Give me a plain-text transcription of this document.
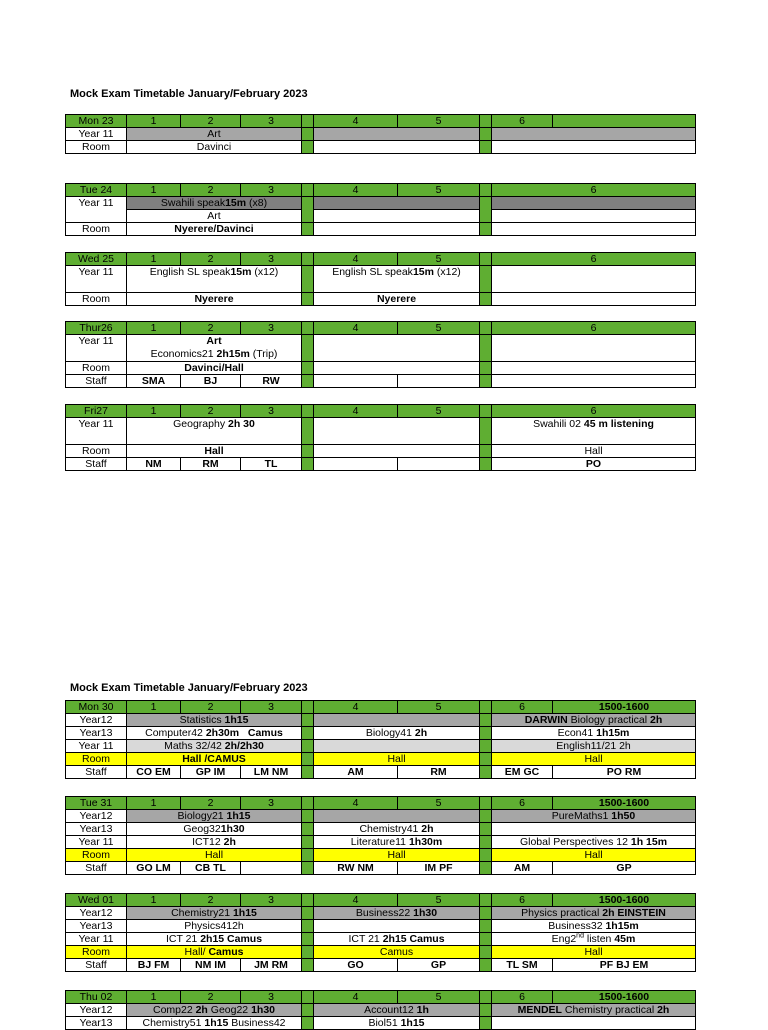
Mock Exam Timetable January/February 2023
Mon 23	1	2	3		4	5		6	
Year 11	Art								
Room	Davinci								
Tue 24	1	2	3		4	5		6
Year 11	Swahili speak15m (x8)							
	Art							
Room	Nyerere/Davinci							
Wed 25	1	2	3		4	5		6
Year 11	English SL speak15m (x12)				English SL speak15m (x12)			
Room	Nyerere				Nyerere			
Thur26	1	2	3		4	5		6
Year 11	Art
Economics21 2h15m (Trip)							
Room	Davinci/Hall							
Staff	SMA	BJ	RW					
Fri27	1	2	3		4	5		6
Year 11	Geography 2h 30							Swahili 02 45 m listening
Room	Hall							Hall
Staff	NM	RM	TL					PO
Mock Exam Timetable January/February 2023
Mon 30	1	2	3		4	5		6	1500-1600
Year12	Statistics 1h15							DARWIN Biology practical 2h	
Year13	Computer42 2h30m Camus				Biology41 2h			Econ41 1h15m	
Year 11	Maths 32/42 2h/2h30							English11/21 2h	
Room	Hall /CAMUS				Hall			Hall	
Staff	CO EM	GP IM	LM NM		AM	RM		EM GC	PO RM
Tue 31	1	2	3		4	5		6	1500-1600
Year12	Biology21 1h15							PureMaths1 1h50	
Year13	Geog321h30				Chemistry41 2h				
Year 11	ICT12 2h				Literature11 1h30m			Global Perspectives 12 1h 15m	
Room	Hall				Hall			Hall	
Staff	GO LM	CB TL			RW NM	IM PF		AM	GP
Wed 01	1	2	3		4	5		6	1500-1600
Year12	Chemistry21 1h15				Business22 1h30			Physics practical 2h EINSTEIN	
Year13	Physics412h							Business32 1h15m	
Year 11	ICT 21 2h15 Camus				ICT 21 2h15 Camus			Eng2nd listen 45m	
Room	Hall/ Camus				Camus			Hall	
Staff	BJ FM	NM IM	JM RM		GO	GP		TL SM	PF BJ EM
Thu 02	1	2	3		4	5		6	1500-1600
Year12	Comp22 2h Geog22 1h30				Account12 1h			MENDEL Chemistry practical 2h	
Year13	Chemistry51 1h15 Business42				Biol51 1h15				
